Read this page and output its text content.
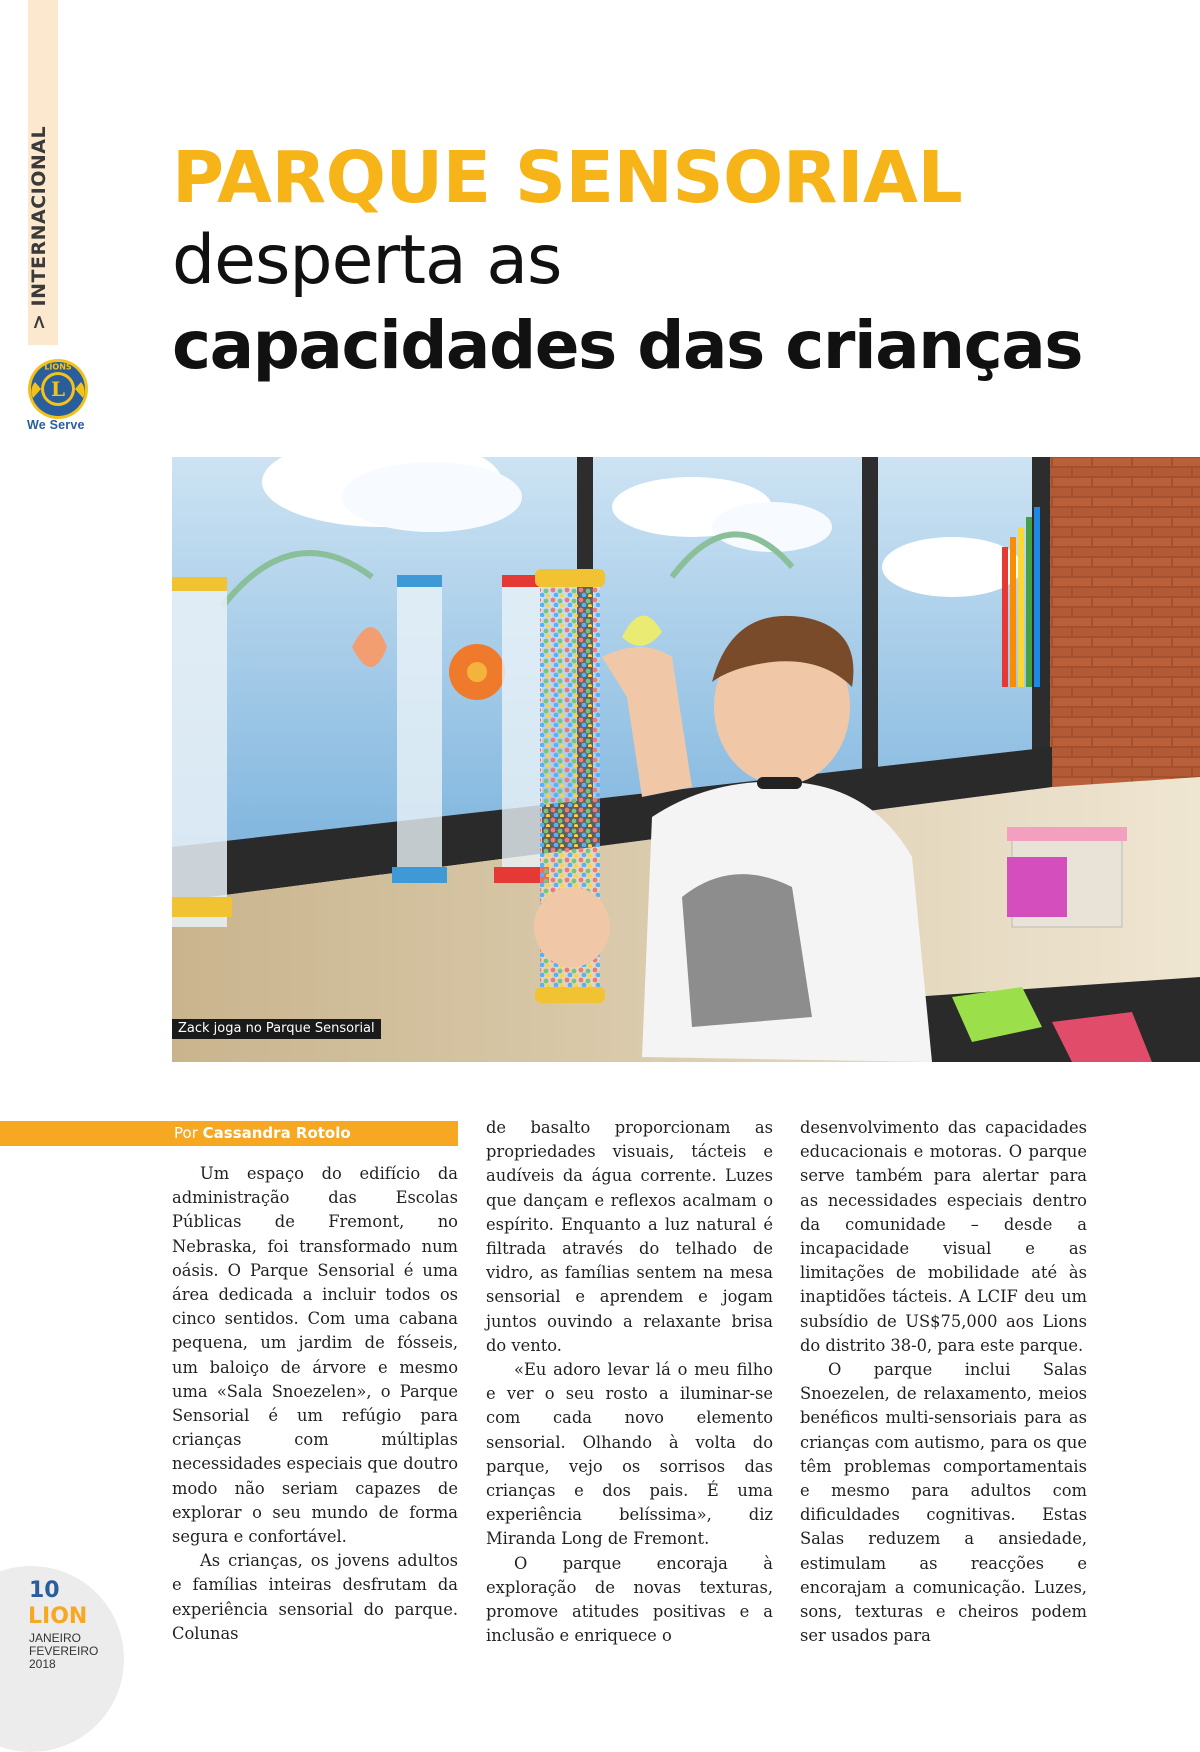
> INTERNACIONAL
L
LIONS
We Serve
PARQUE SENSORIAL
desperta as
capacidades das crianças
Zack joga no Parque Sensorial
Por Cassandra Rotolo

Um espaço do edifício da administração das Escolas Públicas de Fremont, no Nebraska, foi transformado num oásis. O Parque Sensorial é uma área dedicada a incluir todos os cinco sentidos. Com uma cabana pequena, um jardim de fósseis, um baloiço de árvore e mesmo uma «Sala Snoezelen», o Parque Sensorial é um refúgio para crianças com múltiplas necessidades especiais que doutro modo não seriam capazes de explorar o seu mundo de forma segura e confortável.

As crianças, os jovens adultos e famílias inteiras desfrutam da experiência sensorial do parque. Colunas

de basalto proporcionam as propriedades visuais, tácteis e audíveis da água corrente. Luzes que dançam e reflexos acalmam o espírito. Enquanto a luz natural é filtrada através do telhado de vidro, as famílias sentem na mesa sensorial e aprendem e jogam juntos ouvindo a relaxante brisa do vento.

«Eu adoro levar lá o meu filho e ver o seu rosto a iluminar-se com cada novo elemento sensorial. Olhando à volta do parque, vejo os sorrisos das crianças e dos pais. É uma experiência belíssima», diz Miranda Long de Fremont.

O parque encoraja à exploração de novas texturas, promove atitudes positivas e a inclusão e enriquece o

desenvolvimento das capacidades educacionais e motoras. O parque serve também para alertar para as necessidades especiais dentro da comunidade – desde a incapacidade visual e as limitações de mobilidade até às inaptidões tácteis. A LCIF deu um subsídio de US$75,000 aos Lions do distrito 38-0, para este parque.

O parque inclui Salas Snoezelen, de relaxamento, meios benéficos multi-sensoriais para as crianças com autismo, para os que têm problemas comportamentais e mesmo para adultos com dificuldades cognitivas. Estas Salas reduzem a ansiedade, estimulam as reacções e encorajam a comunicação. Luzes, sons, texturas e cheiros podem ser usados para

10
LION
JANEIRO
FEVEREIRO
2018
